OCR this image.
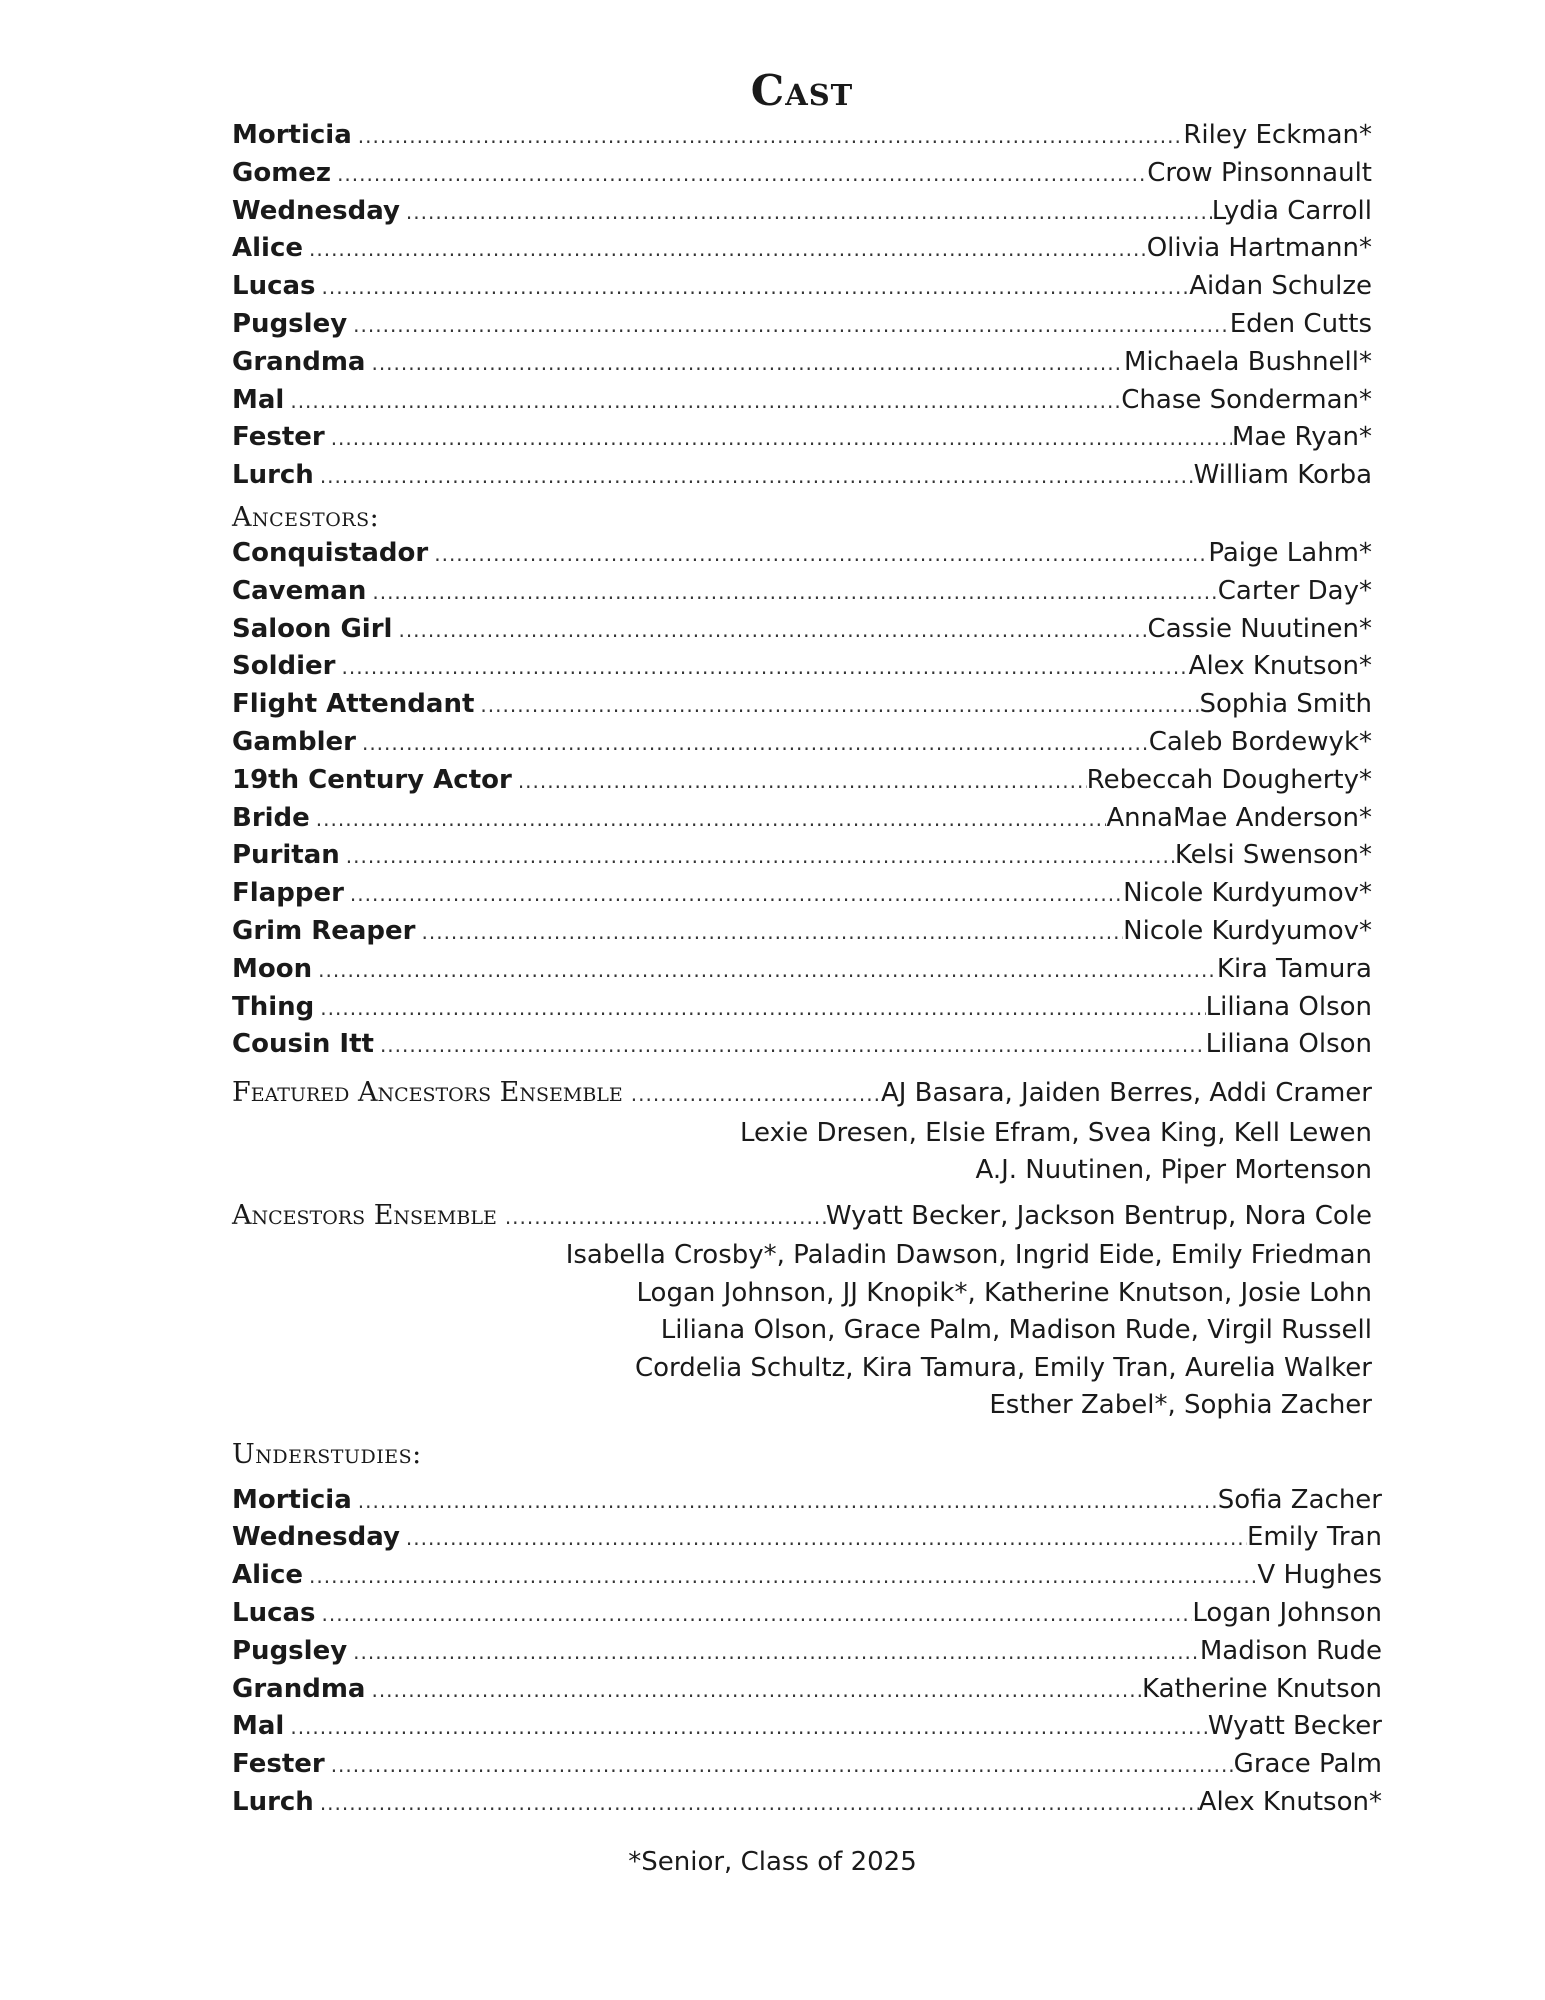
Cast
Morticia .....	Riley Eckman*
Gomez .....	Crow Pinsonnault
Wednesday .....	Lydia Carroll
Alice .....	Olivia Hartmann*
Lucas .....	Aidan Schulze
Pugsley .....	Eden Cutts
Grandma .....	Michaela Bushnell*
Mal .....	Chase Sonderman*
Fester .....	Mae Ryan*
Lurch .....	William Korba
Ancestors:
Conquistador .....	Paige Lahm*
Caveman .....	Carter Day*
Saloon Girl .....	Cassie Nuutinen*
Soldier .....	Alex Knutson*
Flight Attendant .....	Sophia Smith
Gambler .....	Caleb Bordewyk*
19th Century Actor .....	Rebeccah Dougherty*
Bride .....	AnnaMae Anderson*
Puritan .....	Kelsi Swenson*
Flapper .....	Nicole Kurdyumov*
Grim Reaper .....	Nicole Kurdyumov*
Moon .....	Kira Tamura
Thing .....	Liliana Olson
Cousin Itt .....	Liliana Olson
Featured Ancestors Ensemble .....	AJ Basara, Jaiden Berres, Addi Cramer
Lexie Dresen, Elsie Efram, Svea King, Kell Lewen
A.J. Nuutinen, Piper Mortenson
Ancestors Ensemble .....	Wyatt Becker, Jackson Bentrup, Nora Cole
Isabella Crosby*, Paladin Dawson, Ingrid Eide, Emily Friedman
Logan Johnson, JJ Knopik*, Katherine Knutson, Josie Lohn
Liliana Olson, Grace Palm, Madison Rude, Virgil Russell
Cordelia Schultz, Kira Tamura, Emily Tran, Aurelia Walker
Esther Zabel*, Sophia Zacher
Understudies:
Morticia .....	Sofia Zacher
Wednesday .....	Emily Tran
Alice .....	V Hughes
Lucas .....	Logan Johnson
Pugsley .....	Madison Rude
Grandma .....	Katherine Knutson
Mal .....	Wyatt Becker
Fester .....	Grace Palm
Lurch .....	Alex Knutson*
*Senior, Class of 2025
